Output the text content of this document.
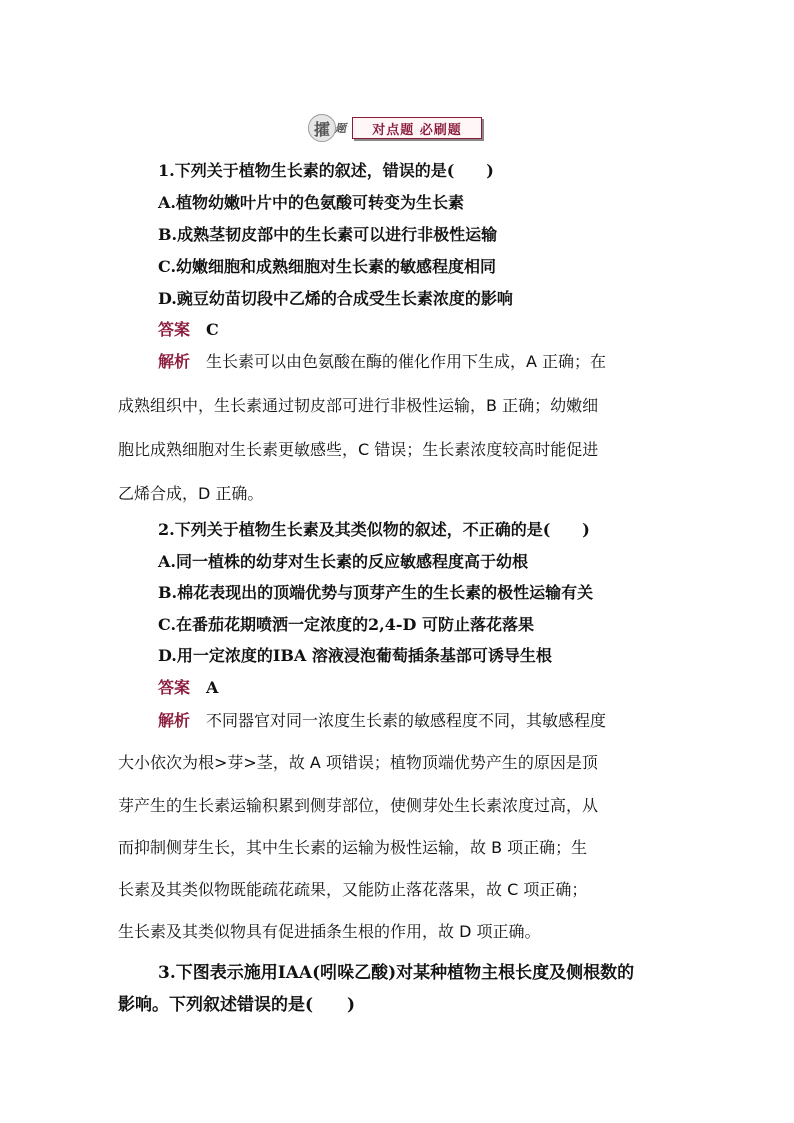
攉 题	对点题 必刷题
1.下列关于植物生长素的叙述，错误的是(　　)
A.植物幼嫩叶片中的色氨酸可转变为生长素
B.成熟茎韧皮部中的生长素可以进行非极性运输
C.幼嫩细胞和成熟细胞对生长素的敏感程度相同
D.豌豆幼苗切段中乙烯的合成受生长素浓度的影响
答案 C
解析 生长素可以由色氨酸在酶的催化作用下生成，A 正确；在
成熟组织中，生长素通过韧皮部可进行非极性运输，B 正确；幼嫩细
胞比成熟细胞对生长素更敏感些，C 错误；生长素浓度较高时能促进
乙烯合成，D 正确。
2.下列关于植物生长素及其类似物的叙述，不正确的是(　　)
A.同一植株的幼芽对生长素的反应敏感程度高于幼根
B.棉花表现出的顶端优势与顶芽产生的生长素的极性运输有关
C.在番茄花期喷洒一定浓度的2,4-D 可防止落花落果
D.用一定浓度的IBA 溶液浸泡葡萄插条基部可诱导生根
答案 A
解析 不同器官对同一浓度生长素的敏感程度不同，其敏感程度
大小依次为根>芽>茎，故 A 项错误；植物顶端优势产生的原因是顶
芽产生的生长素运输积累到侧芽部位，使侧芽处生长素浓度过高，从
而抑制侧芽生长，其中生长素的运输为极性运输，故 B 项正确；生
长素及其类似物既能疏花疏果，又能防止落花落果，故 C 项正确；
生长素及其类似物具有促进插条生根的作用，故 D 项正确。
3.下图表示施用IAA(吲哚乙酸)对某种植物主根长度及侧根数的
影响。下列叙述错误的是(　　)
